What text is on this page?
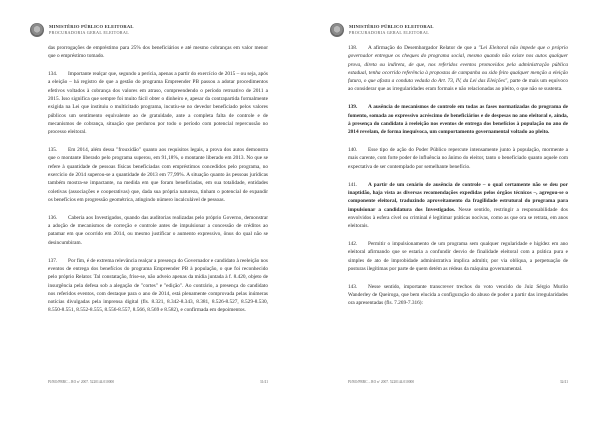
MINISTÉRIO PÚBLICO ELEITORAL
PROCURADORIA GERAL ELEITORAL

das prorrogações de empréstimo para 25% dos beneficiários e até mesmo cobranças em valor menor que o empréstimo tomado.

134. Importante realçar que, segundo a perícia, apenas a partir do exercício de 2015 – ou seja, após a eleição – há registro de que a gestão do programa Empreender PB passou a adotar procedimentos efetivos voltados à cobrança dos valores em atraso, compreendendo o período retroativo de 2011 a 2015. Isso significa que sempre foi muito fácil obter o dinheiro e, apesar da contrapartida formalmente exigida na Lei que instituiu o multicitado programa, incutiu-se no devedor beneficiado pelos valores públicos um sentimento equivalente ao de gratuidade, ante a completa falta de controle e de mecanismos de cobrança, situação que perdurou por todo o período com potencial repercussão no processo eleitoral.

135. Em 2014, além dessa "frouxidão" quanto aos requisitos legais, a prova dos autos demonstra que o montante liberado pelo programa superou, em 91,18%, o montante liberado em 2013. No que se refere à quantidade de pessoas físicas beneficiadas com empréstimos concedidos pelo programa, no exercício de 2014 superou-se a quantidade de 2013 em 77,99%. A situação quanto às pessoas jurídicas também mostra-se impactante, na medida em que foram beneficiadas, em sua totalidade, entidades coletivas (associações e cooperativas) que, dada sua própria natureza, tinham o potencial de expandir os benefícios em progressão geométrica, atingindo número incalculável de pessoas.

136. Caberia aos Investigados, quando das auditorias realizadas pelo próprio Governo, demonstrar a adoção de mecanismos de correção e controle antes de impulsionar a concessão de créditos ao patamar em que ocorrido em 2014, ou mesmo justificar o aumento expressivo, ônus do qual não se desincumbiram.

137. Por fim, é de extrema relevância realçar a presença do Governador e candidato à reeleição nos eventos de entrega dos benefícios do programa Empreender PB à população, o que foi reconhecido pelo próprio Relator. Tal constatação, frise-se, não adveio apenas da mídia juntada à f. 8.420, objeto de insurgência pela defesa sob a alegação de "cortes" e "edição". Ao contrário, a presença do candidato nos referidos eventos, com destaque para o ano de 2014, está plenamente comprovada pelas inúmeras notícias divulgadas pela imprensa digital (fls. 8.321, 8.342-8.343, 8.381, 8.526-8.527, 8.529-8.530, 8.550-8.551, 8.552-8.555, 8.556-8.557, 8.566, 8.569 e 8.582), e confirmada em depoimentos.

PJ/RO/PRRC – RO nº 2007. 5220144.010000	31/41
MINISTÉRIO PÚBLICO ELEITORAL
PROCURADORIA GERAL ELEITORAL

138. A afirmação do Desembargador Relator de que a "Lei Eleitoral não impede que o próprio governador entregue os cheques do programa social, mesmo quando não existe nos autos qualquer prova, direta ou indireta, de que, nos referidos eventos promovidos pela administração pública estadual, tenha ocorrido referência à propostas de campanha ou sido feito qualquer menção a eleição futura, o que afasta a conduta vedada do Art. 73, IV, da Lei das Eleições", parte de mais um equívoco ao considerar que as irregularidades eram formais e não relacionadas ao pleito, o que não se sustenta.

139. A ausência de mecanismos de controle em todas as fases normatizadas do programa de fomento, somada ao expressivo acréscimo de beneficiários e de despesas no ano eleitoral e, ainda, à presença do candidato à reeleição nos eventos de entrega dos benefícios à população no ano de 2014 revelam, de forma inequívoca, um comportamento governamental voltado ao pleito.

140. Esse tipo de ação do Poder Público repercute intensamente junto à população, mormente a mais carente, com forte poder de influência no ânimo do eleitor, tanto o beneficiado quanto aquele com expectativa de ser contemplado por semelhante benefício.

141. A partir de um cenário de ausência de controle – o qual certamente não se deu por inaptidão, haja vista as diversas recomendações expedidas pelos órgãos técnicos –, agregou-se o componente eleitoral, traduzindo aproveitamento da fragilidade estrutural do programa para impulsionar a candidatura dos Investigados. Nesse sentido, restringir a responsabilidade dos envolvidos à esfera cível ou criminal é legitimar práticas nocivas, como as que ora se retrata, em anos eleitorais.

142. Permitir o impulsionamento de um programa sem qualquer regularidade e higidez em ano eleitoral afirmando que se estaria a confundir desvio de finalidade eleitoral com a prática pura e simples de ato de improbidade administrativa implica admitir, por via oblíqua, a perpetuação de posturas ilegítimas por parte de quem detém as rédeas da máquina governamental.

143. Nesse sentido, importante transcrever trechos do voto vencido do Juiz Sérgio Murilo Wanderley de Queiroga, que bem elucida a configuração do abuso de poder a partir das irregularidades ora apresentadas (fls. 7.269-7.316):

PJ/RO/PRRC – RO nº 2007. 5220144.010000	32/41
